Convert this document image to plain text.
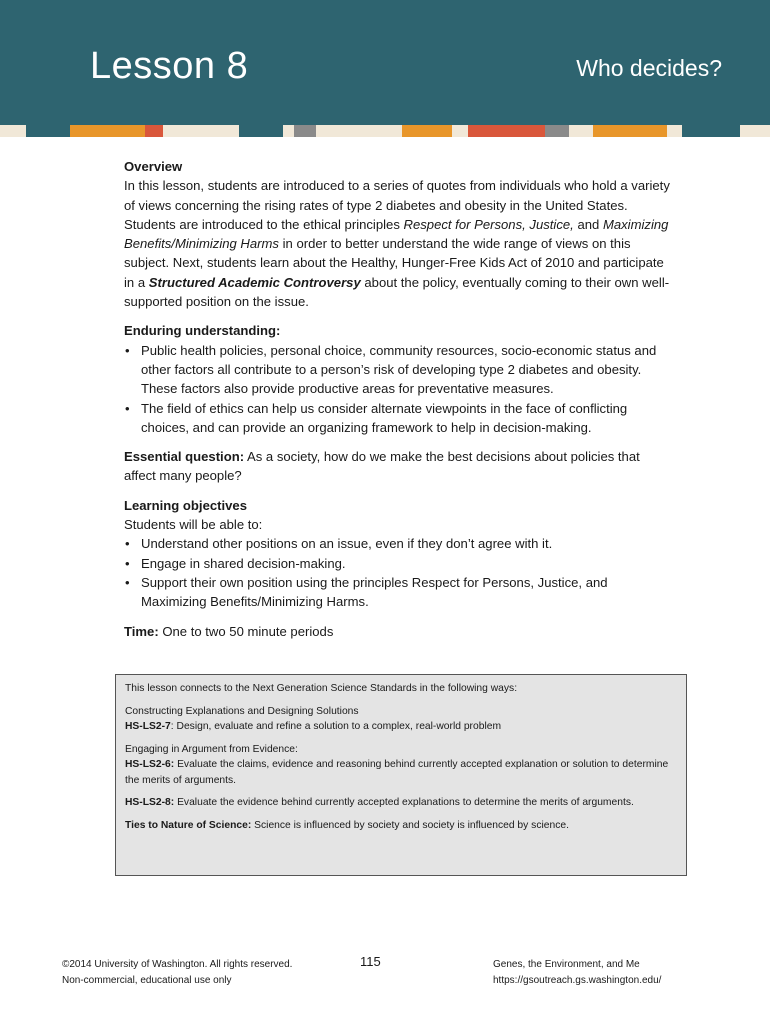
Lesson 8	Who decides?
Overview

In this lesson, students are introduced to a series of quotes from individuals who hold a variety of views concerning the rising rates of type 2 diabetes and obesity in the United States. Students are introduced to the ethical principles Respect for Persons, Justice, and Maximizing Benefits/Minimizing Harms in order to better understand the wide range of views on this subject. Next, students learn about the Healthy, Hunger-Free Kids Act of 2010 and participate in a Structured Academic Controversy about the policy, eventually coming to their own well-supported position on the issue.

Enduring understanding:
• Public health policies, personal choice, community resources, socio-economic status and other factors all contribute to a person’s risk of developing type 2 diabetes and obesity. These factors also provide productive areas for preventative measures.
• The field of ethics can help us consider alternate viewpoints in the face of conflicting choices, and can provide an organizing framework to help in decision-making.

Essential question: As a society, how do we make the best decisions about policies that affect many people?

Learning objectives

Students will be able to:

• Understand other positions on an issue, even if they don’t agree with it.
• Engage in shared decision-making.
• Support their own position using the principles Respect for Persons, Justice, and Maximizing Benefits/Minimizing Harms.

Time: One to two 50 minute periods

This lesson connects to the Next Generation Science Standards in the following ways:

Constructing Explanations and Designing Solutions
HS-LS2-7: Design, evaluate and refine a solution to a complex, real-world problem
Engaging in Argument from Evidence:
HS-LS2-6: Evaluate the claims, evidence and reasoning behind currently accepted explanation or solution to determine the merits of arguments.
HS-LS2-8: Evaluate the evidence behind currently accepted explanations to determine the merits of arguments.
Ties to Nature of Science: Science is influenced by society and society is influenced by science.
©2014 University of Washington. All rights reserved.
Non-commercial, educational use only
115	Genes, the Environment, and Me
https://gsoutreach.gs.washington.edu/
